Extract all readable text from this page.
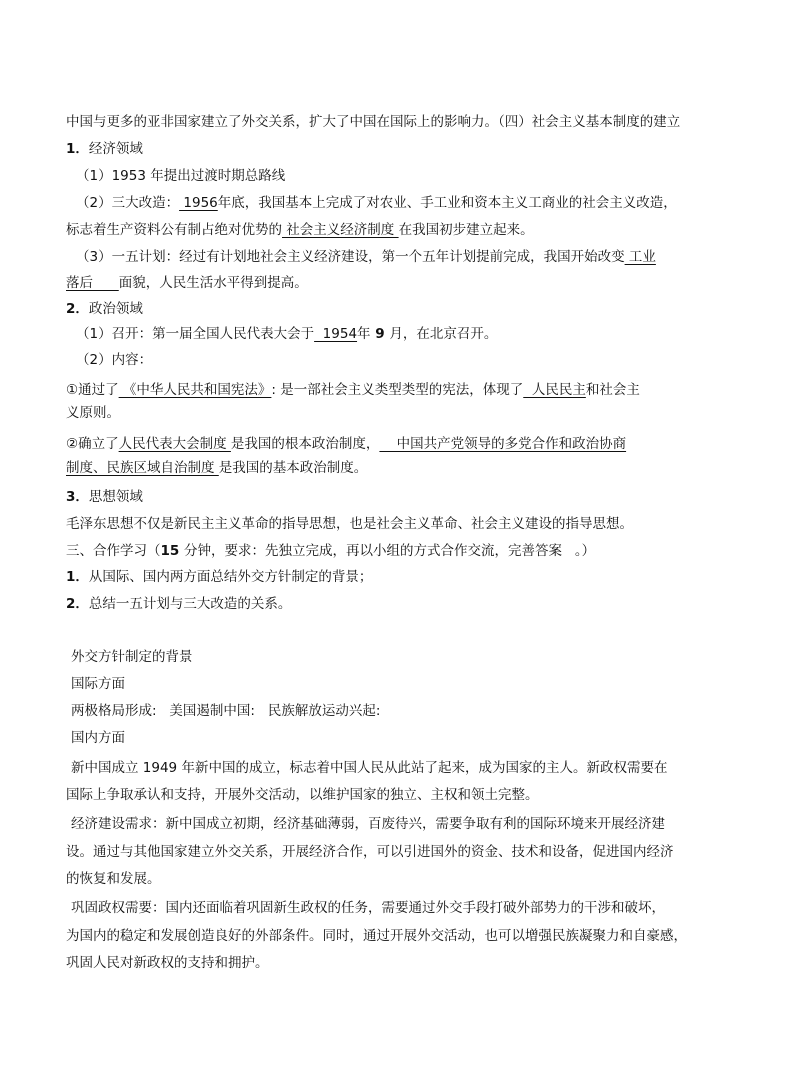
中国与更多的亚非国家建立了外交关系，扩大了中国在国际上的影响力。（四）社会主义基本制度的建立
1．经济领域
（1）1953 年提出过渡时期总路线
（2）三大改造： 1956年底，我国基本上完成了对农业、手工业和资本主义工商业的社会主义改造，
标志着生产资料公有制占绝对优势的 社会主义经济制度 在我国初步建立起来。
（3）一五计划：经过有计划地社会主义经济建设，第一个五年计划提前完成，我国开始改变 工业
落后      面貌，人民生活水平得到提高。
2．政治领域
（1）召开：第一届全国人民代表大会于  1954年 9 月，在北京召开。
（2）内容：
①通过了 《中华人民共和国宪法》: 是一部社会主义类型类型的宪法，体现了  人民民主和社会主
义原则。
②确立了人民代表大会制度 是我国的根本政治制度，    中国共产党领导的多党合作和政治协商
制度、民族区域自治制度 是我国的基本政治制度。
3．思想领域
毛泽东思想不仅是新民主主义革命的指导思想，也是社会主义革命、社会主义建设的指导思想。
三、合作学习（15 分钟，要求：先独立完成，再以小组的方式合作交流，完善答案   。）
1．从国际、国内两方面总结外交方针制定的背景；
2．总结一五计划与三大改造的关系。
外交方针制定的背景
国际方面
两极格局形成:   美国遏制中国:   民族解放运动兴起:
国内方面
新中国成立 1949 年新中国的成立，标志着中国人民从此站了起来，成为国家的主人。新政权需要在
国际上争取承认和支持，开展外交活动，以维护国家的独立、主权和领土完整。
经济建设需求：新中国成立初期，经济基础薄弱，百废待兴，需要争取有利的国际环境来开展经济建
设。通过与其他国家建立外交关系，开展经济合作，可以引进国外的资金、技术和设备，促进国内经济
的恢复和发展。
巩固政权需要：国内还面临着巩固新生政权的任务，需要通过外交手段打破外部势力的干涉和破坏，
为国内的稳定和发展创造良好的外部条件。同时，通过开展外交活动，也可以增强民族凝聚力和自豪感，
巩固人民对新政权的支持和拥护。
